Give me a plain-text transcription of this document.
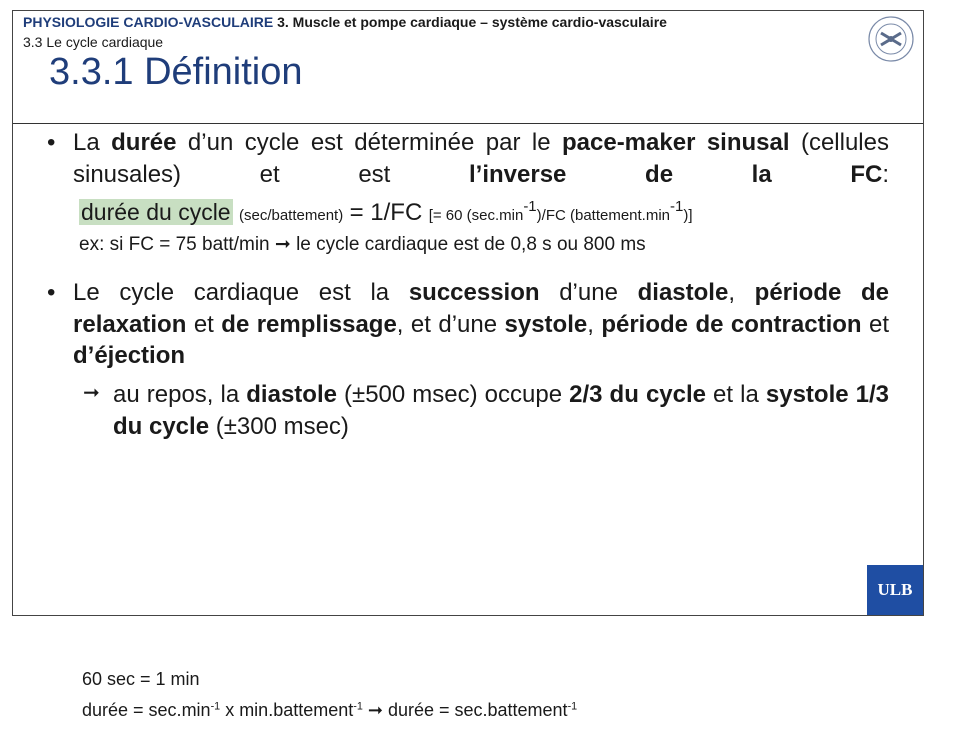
PHYSIOLOGIE CARDIO-VASCULAIRE 3. Muscle et pompe cardiaque – système cardio-vasculaire
3.3 Le cycle cardiaque
3.3.1 Définition
• La durée d’un cycle est déterminée par le pace-maker sinusal (cellules sinusales) et est l’inverse de la FC:
durée du cycle (sec/battement) = 1/FC [= 60 $(\sec.\min^{-1})/FC$ $(battement.\min^{-1})$]
ex: si FC = 75 batt/min ➞ le cycle cardiaque est de 0,8 s ou 800 ms
• Le cycle cardiaque est la succession d’une diastole, période de relaxation et de remplissage, et d’une systole, période de contraction et d’éjection
➞ au repos, la diastole (±500 msec) occupe 2/3 du cycle et la systole 1/3 du cycle (±300 msec)
ULB
60 sec = 1 min
durée = $\sec.\min^{-1}$ x min.battement$^{-1}$ ➞ durée = sec.battement$^{-1}$
